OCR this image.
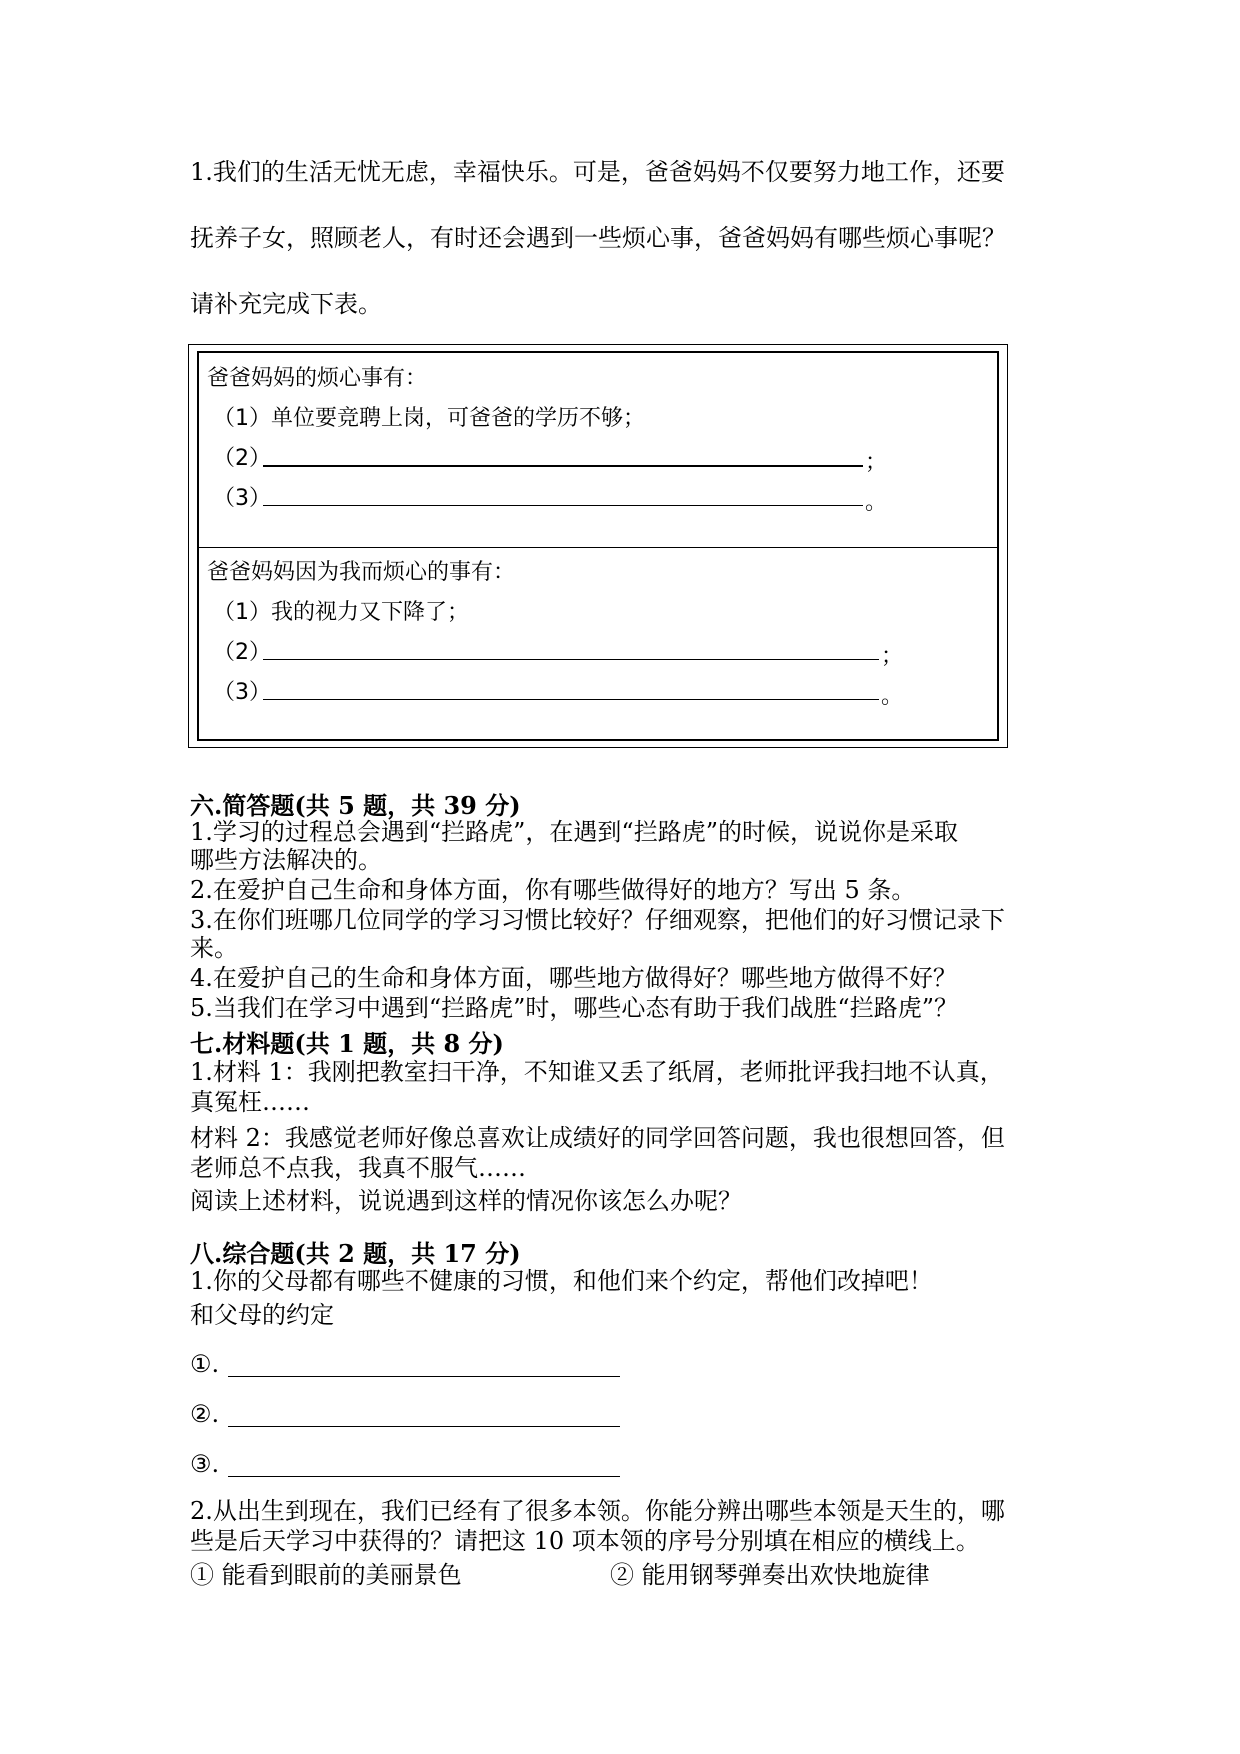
1.我们的生活无忧无虑，幸福快乐。可是，爸爸妈妈不仅要努力地工作，还要
抚养子女，照顾老人，有时还会遇到一些烦心事，爸爸妈妈有哪些烦心事呢？
请补充完成下表。
爸爸妈妈的烦心事有：
（1）单位要竞聘上岗，可爸爸的学历不够；
（2）	；
（3）	。
爸爸妈妈因为我而烦心的事有：
（1）我的视力又下降了；
（2）	；
（3）	。
六.简答题(共 5 题，共 39 分)
1.学习的过程总会遇到“拦路虎”，在遇到“拦路虎”的时候，说说你是采取
哪些方法解决的。
2.在爱护自己生命和身体方面，你有哪些做得好的地方？写出 5 条。
3.在你们班哪几位同学的学习习惯比较好？仔细观察，把他们的好习惯记录下
来。
4.在爱护自己的生命和身体方面，哪些地方做得好？哪些地方做得不好？
5.当我们在学习中遇到“拦路虎”时，哪些心态有助于我们战胜“拦路虎”？
七.材料题(共 1 题，共 8 分)
1.材料 1：我刚把教室扫干净，不知谁又丢了纸屑，老师批评我扫地不认真，
真冤枉……
材料 2：我感觉老师好像总喜欢让成绩好的同学回答问题，我也很想回答，但
老师总不点我，我真不服气……
阅读上述材料，说说遇到这样的情况你该怎么办呢？
八.综合题(共 2 题，共 17 分)
1.你的父母都有哪些不健康的习惯，和他们来个约定，帮他们改掉吧！
和父母的约定
①.
②.
③.
2.从出生到现在，我们已经有了很多本领。你能分辨出哪些本领是天生的，哪
些是后天学习中获得的？请把这 10 项本领的序号分别填在相应的横线上。
① 能看到眼前的美丽景色	② 能用钢琴弹奏出欢快地旋律
